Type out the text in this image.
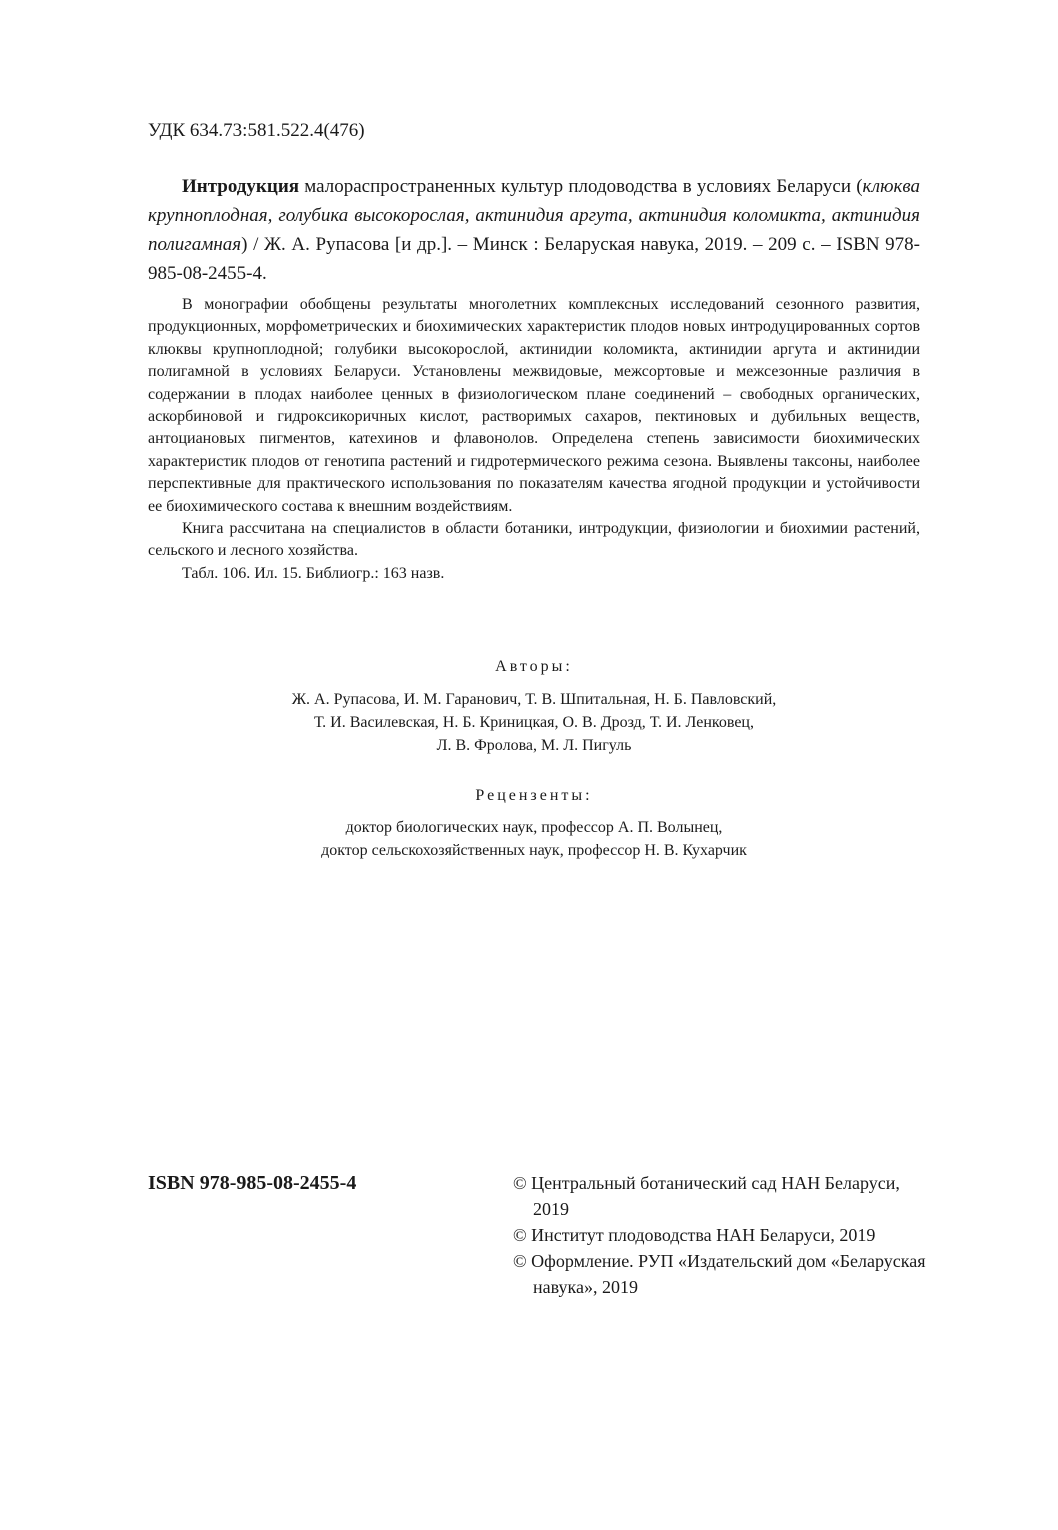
УДК 634.73:581.522.4(476)

Интродукция малораспространенных культур плодоводства в условиях Беларуси (клюква крупноплодная, голубика высокорослая, актинидия аргута, актинидия коломикта, актинидия полигамная) / Ж. А. Рупасова [и др.]. – Минск : Беларуская навука, 2019. – 209 с. – ISBN 978-985-08-2455-4.

В монографии обобщены результаты многолетних комплексных исследований сезонного развития, продукционных, морфометрических и биохимических характеристик плодов новых интродуцированных сортов клюквы крупноплодной; голубики высокорослой, актинидии коломикта, актинидии аргута и актинидии полигамной в условиях Беларуси. Установлены межвидовые, межсортовые и межсезонные различия в содержании в плодах наиболее ценных в физиологическом плане соединений – свободных органических, аскорбиновой и гидроксикоричных кислот, растворимых сахаров, пектиновых и дубильных веществ, антоциановых пигментов, катехинов и флавонолов. Определена степень зависимости биохимических характеристик плодов от генотипа растений и гидротермического режима сезона. Выявлены таксоны, наиболее перспективные для практического использования по показателям качества ягодной продукции и устойчивости ее биохимического состава к внешним воздействиям.

Книга рассчитана на специалистов в области ботаники, интродукции, физиологии и биохимии растений, сельского и лесного хозяйства.

Табл. 106. Ил. 15. Библиогр.: 163 назв.

Авторы:
Ж. А. Рупасова, И. М. Гаранович, Т. В. Шпитальная, Н. Б. Павловский,
Т. И. Василевская, Н. Б. Криницкая, О. В. Дрозд, Т. И. Ленковец,
Л. В. Фролова, М. Л. Пигуль
Рецензенты:
доктор биологических наук, профессор А. П. Волынец,
доктор сельскохозяйственных наук, профессор Н. В. Кухарчик
ISBN 978-985-08-2455-4	© Центральный ботанический сад НАН Беларуси, 2019

© Институт плодоводства НАН Беларуси, 2019

© Оформление. РУП «Издательский дом «Беларуская навука», 2019
